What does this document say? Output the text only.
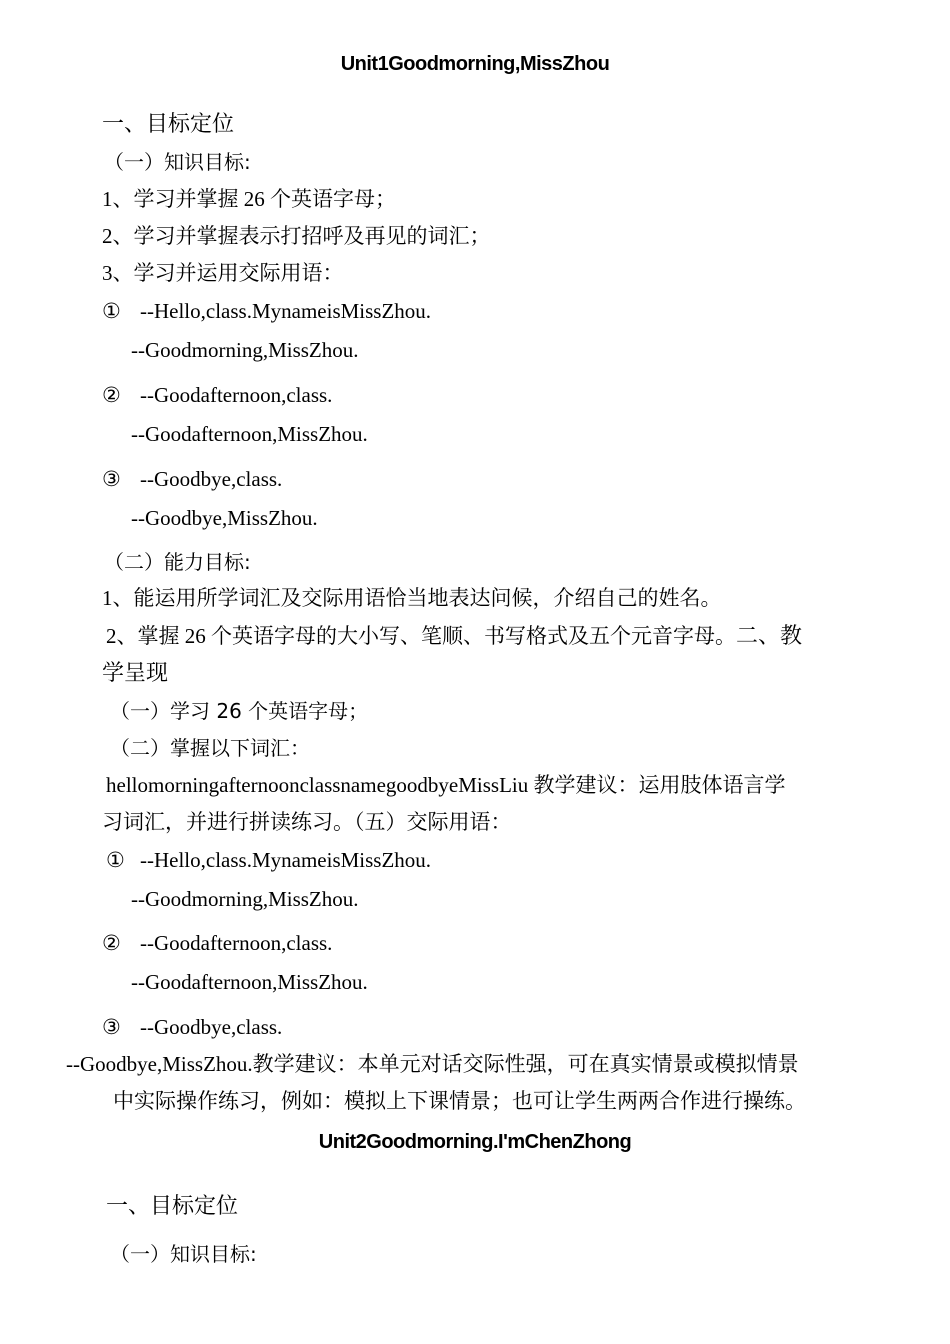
Unit1Goodmorning,MissZhou
一、目标定位
（一）知识目标:
1、学习并掌握 26 个英语字母；
2、学习并掌握表示打招呼及再见的词汇；
3、学习并运用交际用语：
① --Hello,class.MynameisMissZhou.
--Goodmorning,MissZhou.
② --Goodafternoon,class.
--Goodafternoon,MissZhou.
③ --Goodbye,class.
--Goodbye,MissZhou.
（二）能力目标:
1、能运用所学词汇及交际用语恰当地表达问候，介绍自己的姓名。
2、掌握 26 个英语字母的大小写、笔顺、书写格式及五个元音字母。二、教
学呈现
（一）学习 26 个英语字母；
（二）掌握以下词汇：
hellomorningafternoonclassnamegoodbyeMissLiu 教学建议：运用肢体语言学
习词汇，并进行拼读练习。（五）交际用语：
① --Hello,class.MynameisMissZhou.
--Goodmorning,MissZhou.
② --Goodafternoon,class.
--Goodafternoon,MissZhou.
③ --Goodbye,class.
--Goodbye,MissZhou.教学建议：本单元对话交际性强，可在真实情景或模拟情景
中实际操作练习，例如：模拟上下课情景；也可让学生两两合作进行操练。
Unit2Goodmorning.I'mChenZhong
一、目标定位
（一）知识目标:
